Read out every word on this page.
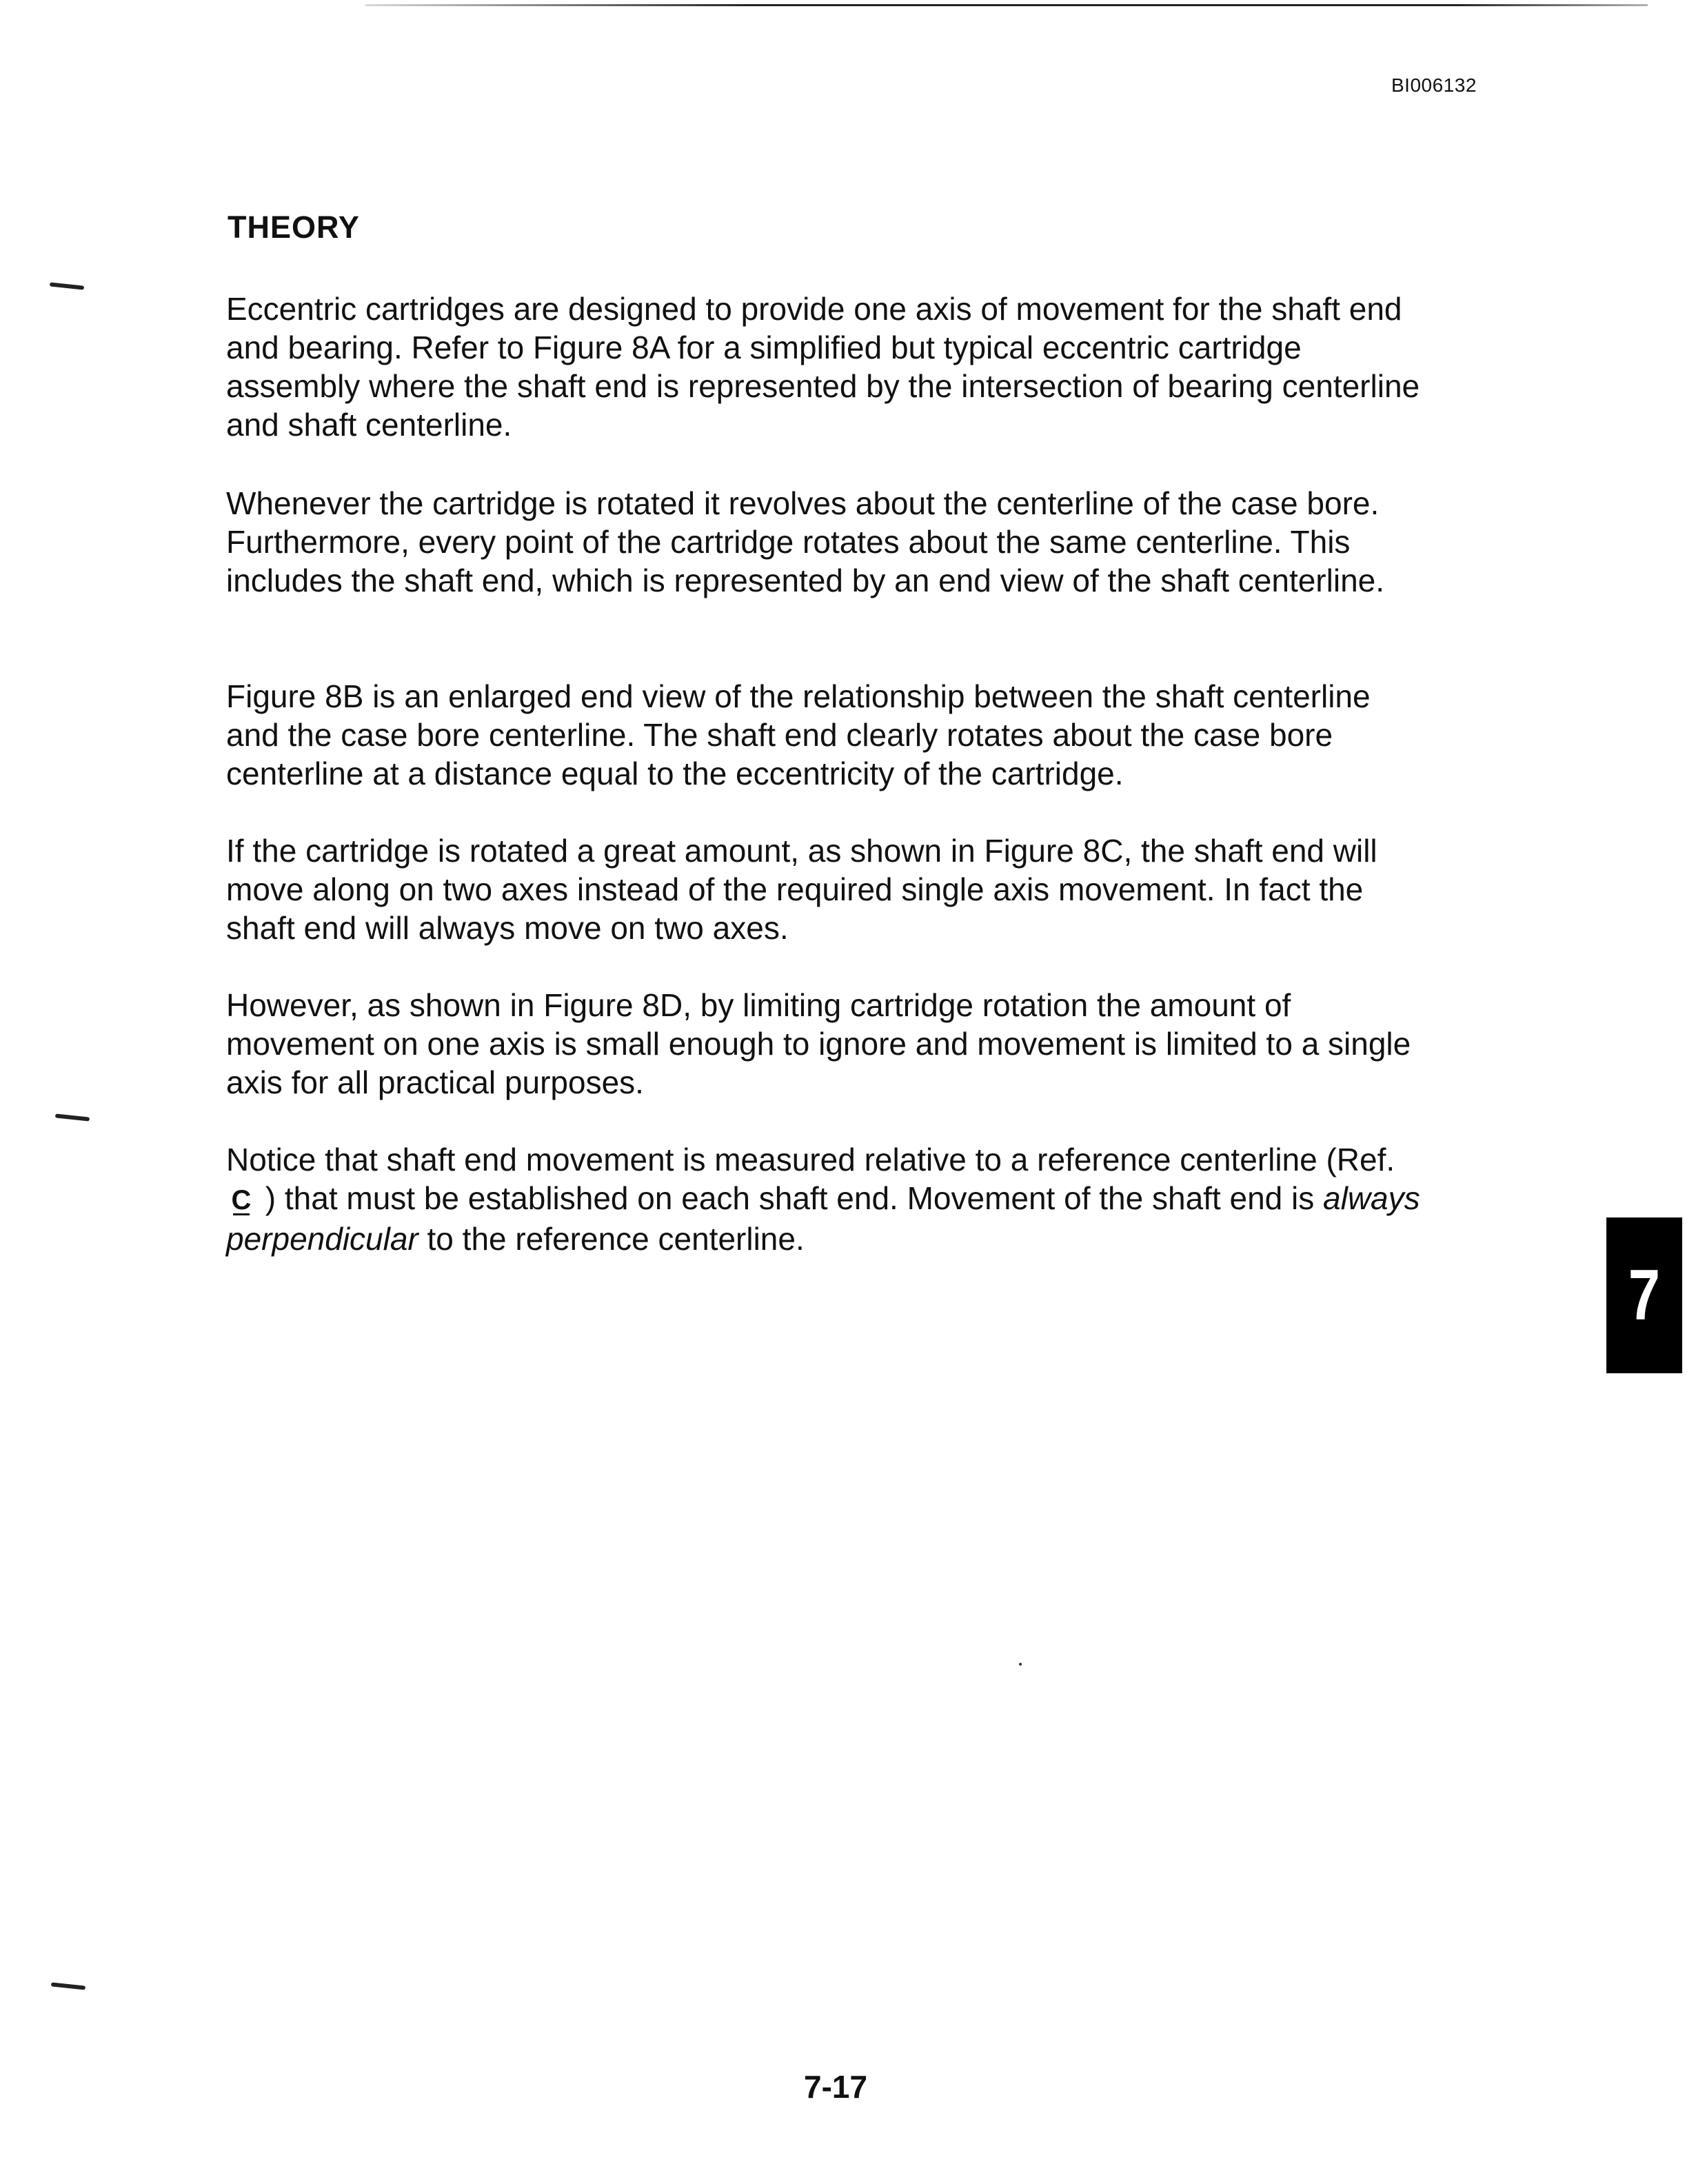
BI006132
THEORY

Eccentric cartridges are designed to provide one axis of movement for the shaft end and bearing. Refer to Figure 8A for a simplified but typical eccentric cartridge assembly where the shaft end is represented by the intersection of bearing centerline and shaft centerline.

Whenever the cartridge is rotated it revolves about the centerline of the case bore. Furthermore, every point of the cartridge rotates about the same centerline. This includes the shaft end, which is represented by an end view of the shaft centerline.

Figure 8B is an enlarged end view of the relationship between the shaft centerline and the case bore centerline. The shaft end clearly rotates about the case bore centerline at a distance equal to the eccentricity of the cartridge.

If the cartridge is rotated a great amount, as shown in Figure 8C, the shaft end will move along on two axes instead of the required single axis movement. In fact the shaft end will always move on two axes.

However, as shown in Figure 8D, by limiting cartridge rotation the amount of movement on one axis is small enough to ignore and movement is limited to a single axis for all practical purposes.

Notice that shaft end movement is measured relative to a reference centerline (Ref. C ) that must be established on each shaft end. Movement of the shaft end is always perpendicular to the reference centerline.

7
7-17
